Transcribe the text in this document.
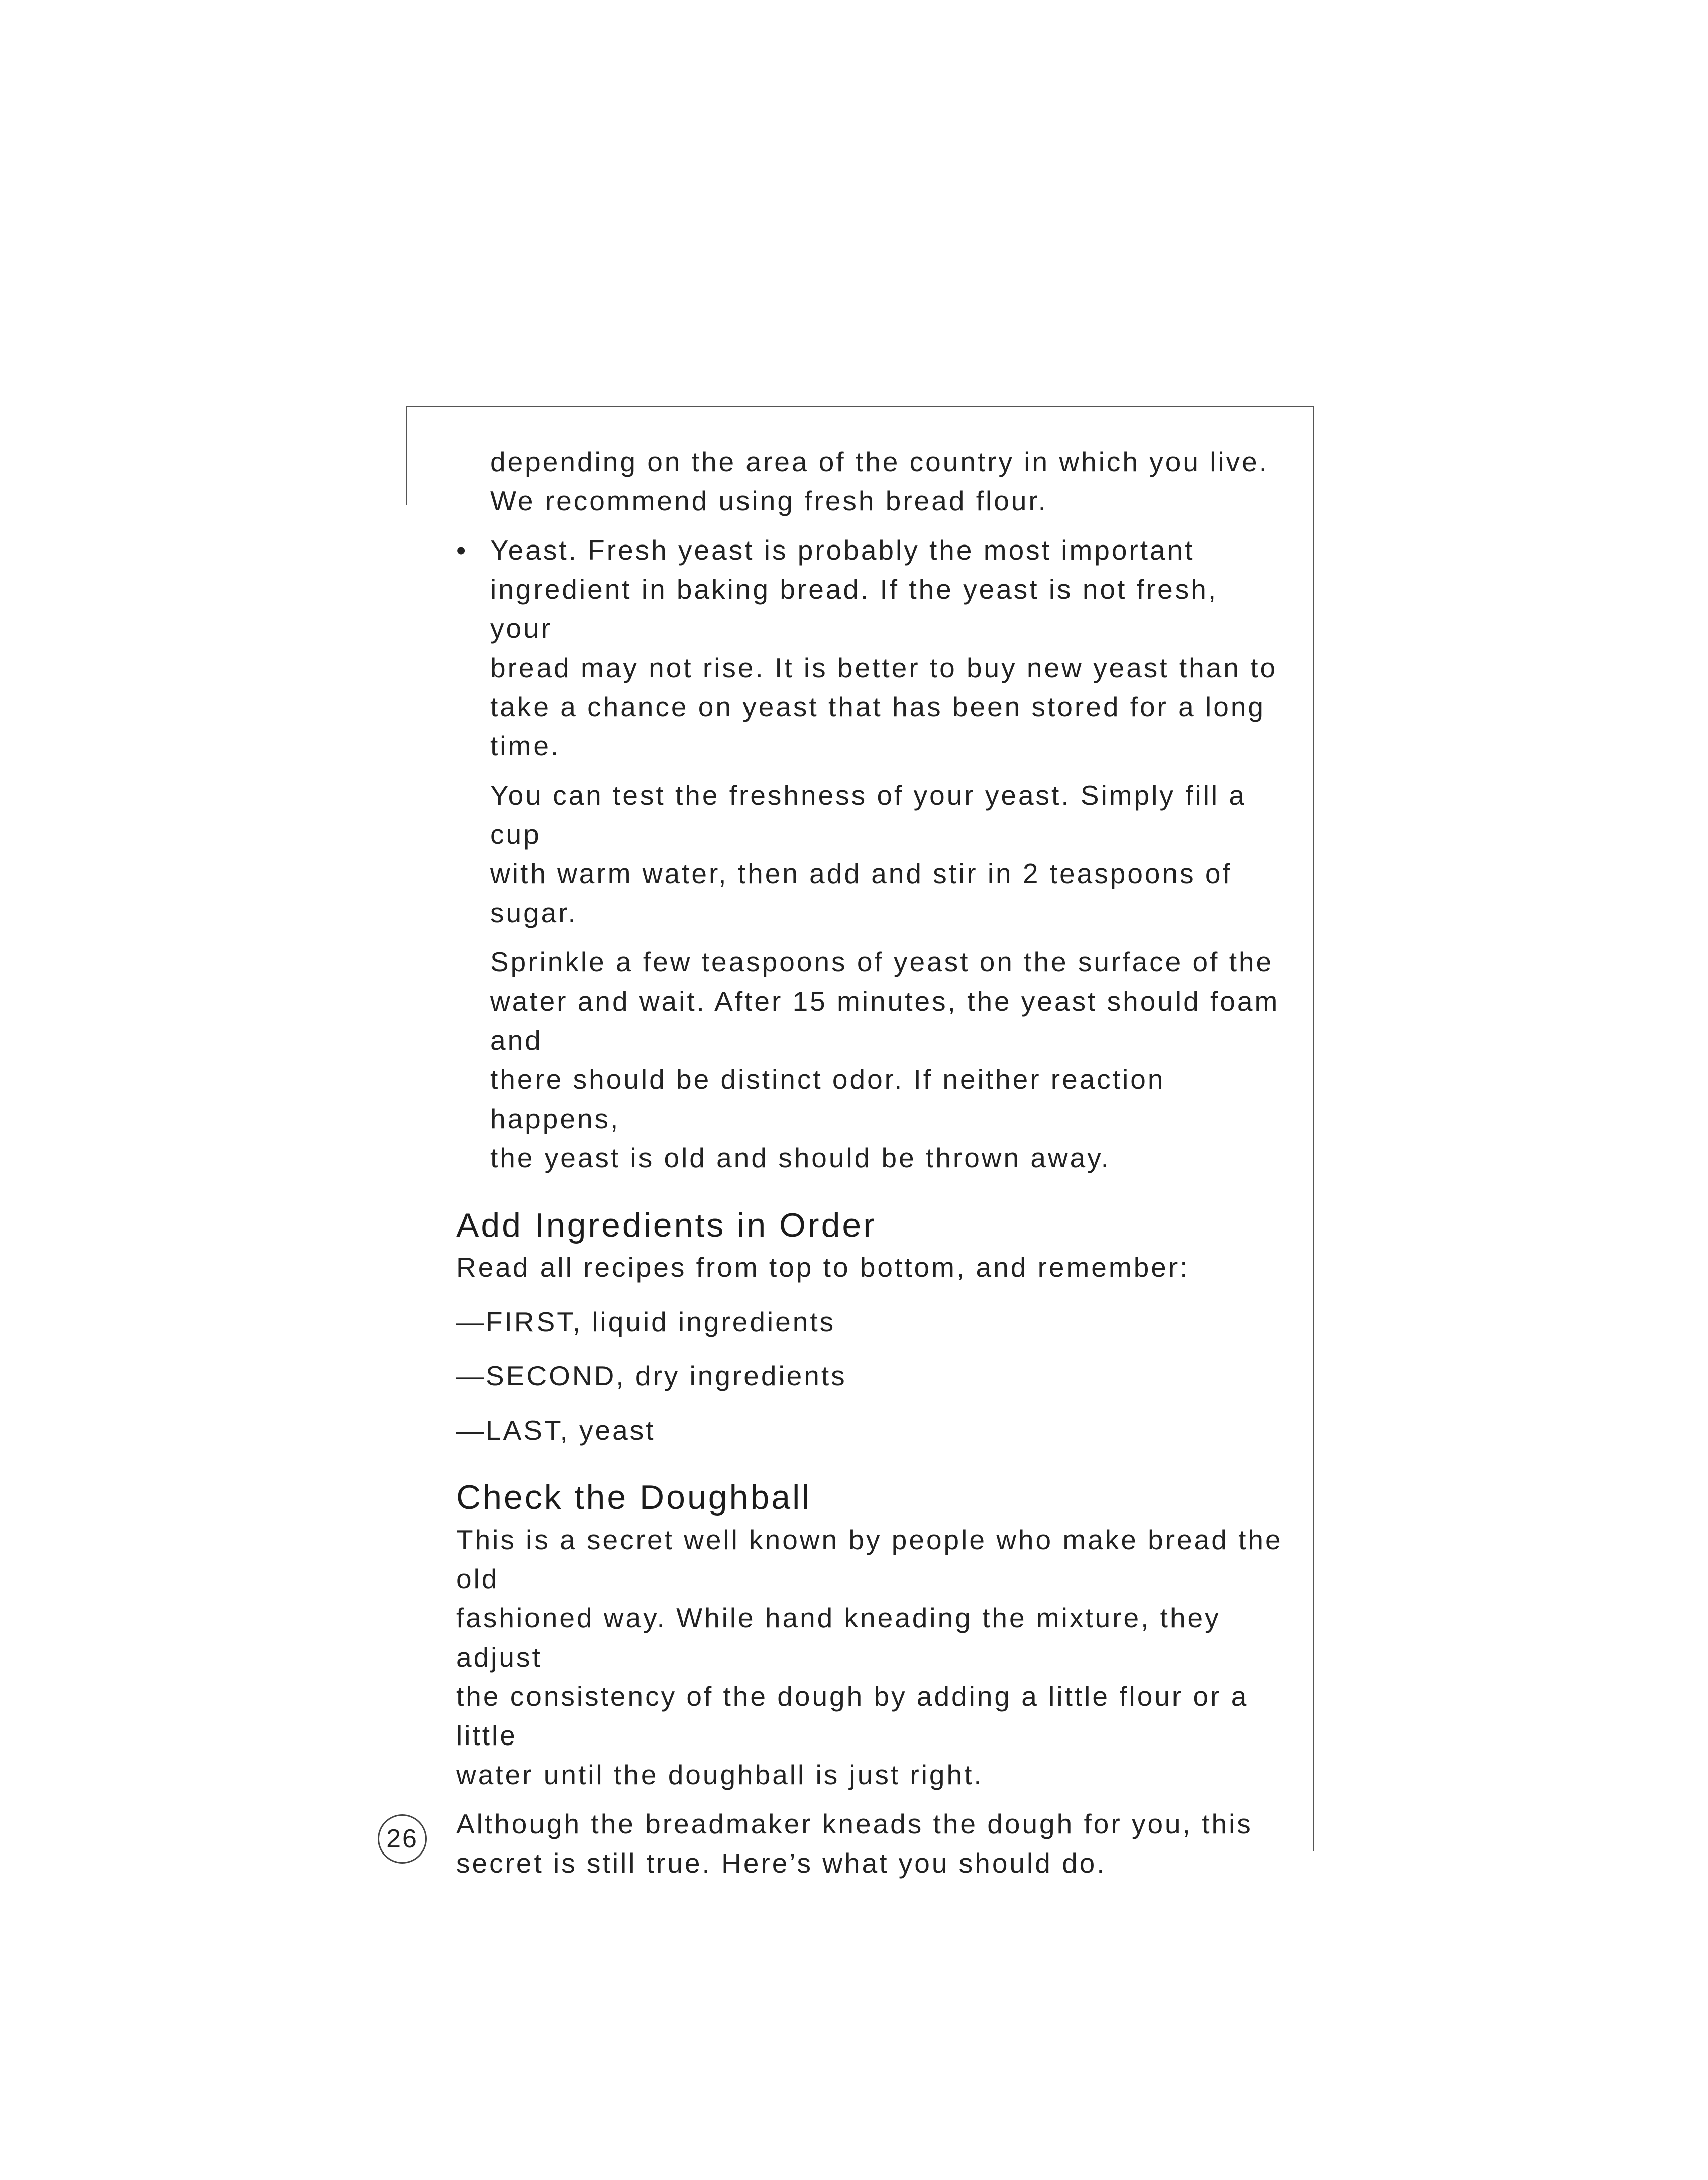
depending on the area of the country in which you live.
We recommend using fresh bread flour.
• Yeast. Fresh yeast is probably the most important
ingredient in baking bread. If the yeast is not fresh, your
bread may not rise. It is better to buy new yeast than to
take a chance on yeast that has been stored for a long
time.
You can test the freshness of your yeast. Simply fill a cup
with warm water, then add and stir in 2 teaspoons of sugar.
Sprinkle a few teaspoons of yeast on the surface of the
water and wait. After 15 minutes, the yeast should foam and
there should be distinct odor. If neither reaction happens,
the yeast is old and should be thrown away.
Add Ingredients in Order
Read all recipes from top to bottom, and remember:
—FIRST, liquid ingredients
—SECOND, dry ingredients
—LAST, yeast
Check the Doughball
This is a secret well known by people who make bread the old
fashioned way. While hand kneading the mixture, they adjust
the consistency of the dough by adding a little flour or a little
water until the doughball is just right.
Although the breadmaker kneads the dough for you, this
secret is still true. Here’s what you should do.
26
